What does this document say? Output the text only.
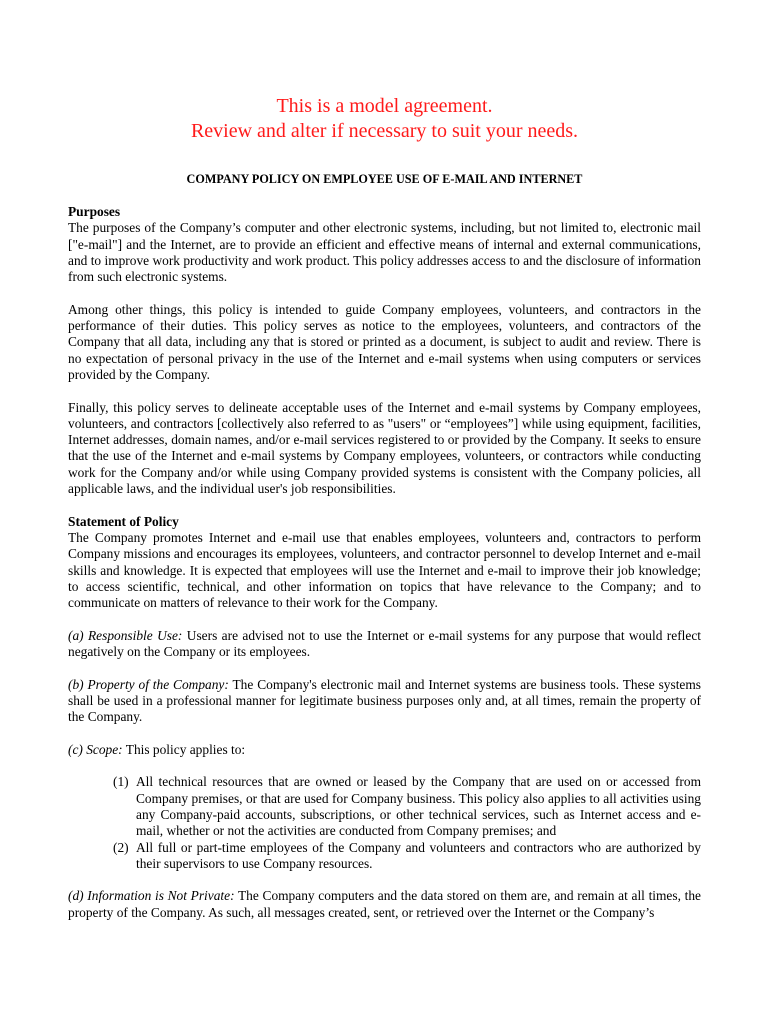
This is a model agreement.
Review and alter if necessary to suit your needs.
COMPANY POLICY ON EMPLOYEE USE OF E-MAIL AND INTERNET
Purposes

The purposes of the Company’s computer and other electronic systems, including, but not limited to, electronic mail ["e-mail"] and the Internet, are to provide an efficient and effective means of internal and external communications, and to improve work productivity and work product. This policy addresses access to and the disclosure of information from such electronic systems.

Among other things, this policy is intended to guide Company employees, volunteers, and contractors in the performance of their duties. This policy serves as notice to the employees, volunteers, and contractors of the Company that all data, including any that is stored or printed as a document, is subject to audit and review. There is no expectation of personal privacy in the use of the Internet and e-mail systems when using computers or services provided by the Company.

Finally, this policy serves to delineate acceptable uses of the Internet and e-mail systems by Company employees, volunteers, and contractors [collectively also referred to as "users" or “employees”] while using equipment, facilities, Internet addresses, domain names, and/or e-mail services registered to or provided by the Company. It seeks to ensure that the use of the Internet and e-mail systems by Company employees, volunteers, or contractors while conducting work for the Company and/or while using Company provided systems is consistent with the Company policies, all applicable laws, and the individual user's job responsibilities.

Statement of Policy

The Company promotes Internet and e-mail use that enables employees, volunteers and, contractors to perform Company missions and encourages its employees, volunteers, and contractor personnel to develop Internet and e-mail skills and knowledge. It is expected that employees will use the Internet and e-mail to improve their job knowledge; to access scientific, technical, and other information on topics that have relevance to the Company; and to communicate on matters of relevance to their work for the Company.

(a) Responsible Use: Users are advised not to use the Internet or e-mail systems for any purpose that would reflect negatively on the Company or its employees.

(b) Property of the Company: The Company's electronic mail and Internet systems are business tools. These systems shall be used in a professional manner for legitimate business purposes only and, at all times, remain the property of the Company.

(c) Scope: This policy applies to:

(1) All technical resources that are owned or leased by the Company that are used on or accessed from Company premises, or that are used for Company business. This policy also applies to all activities using any Company-paid accounts, subscriptions, or other technical services, such as Internet access and e-mail, whether or not the activities are conducted from Company premises; and
(2) All full or part-time employees of the Company and volunteers and contractors who are authorized by their supervisors to use Company resources.

(d) Information is Not Private: The Company computers and the data stored on them are, and remain at all times, the property of the Company. As such, all messages created, sent, or retrieved over the Internet or the Company’s
